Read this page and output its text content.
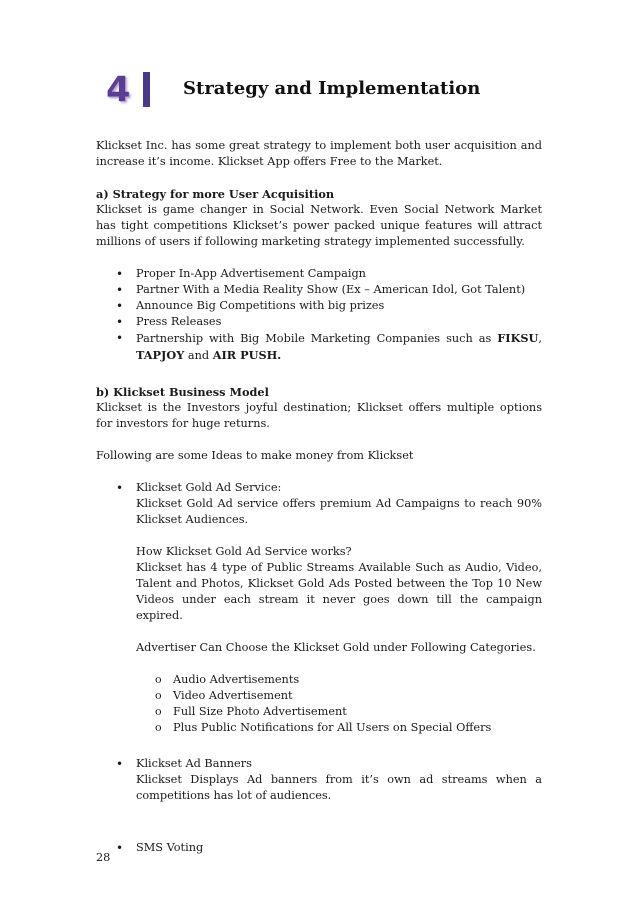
4	Strategy and Implementation

Klickset Inc. has some great strategy to implement both user acquisition and increase it’s income. Klickset App offers Free to the Market.

a) Strategy for more User Acquisition

Klickset is game changer in Social Network. Even Social Network Market has tight competitions Klickset’s power packed unique features will attract millions of users if following marketing strategy implemented successfully.

• Proper In-App Advertisement Campaign
• Partner With a Media Reality Show (Ex – American Idol, Got Talent)
• Announce Big Competitions with big prizes
• Press Releases
• Partnership with Big Mobile Marketing Companies such as FIKSU, TAPJOY and AIR PUSH.

b) Klickset Business Model

Klickset is the Investors joyful destination; Klickset offers multiple options for investors for huge returns.

Following are some Ideas to make money from Klickset

• Klickset Gold Ad Service:

Klickset Gold Ad service offers premium Ad Campaigns to reach 90% Klickset Audiences.

How Klickset Gold Ad Service works?

Klickset has 4 type of Public Streams Available Such as Audio, Video, Talent and Photos, Klickset Gold Ads Posted between the Top 10 New Videos under each stream it never goes down till the campaign expired.

Advertiser Can Choose the Klickset Gold under Following Categories.

o Audio Advertisements
o Video Advertisement
o Full Size Photo Advertisement
o Plus Public Notifications for All Users on Special Offers
• Klickset Ad Banners

Klickset Displays Ad banners from it’s own ad streams when a competitions has lot of audiences.

• SMS Voting

28
